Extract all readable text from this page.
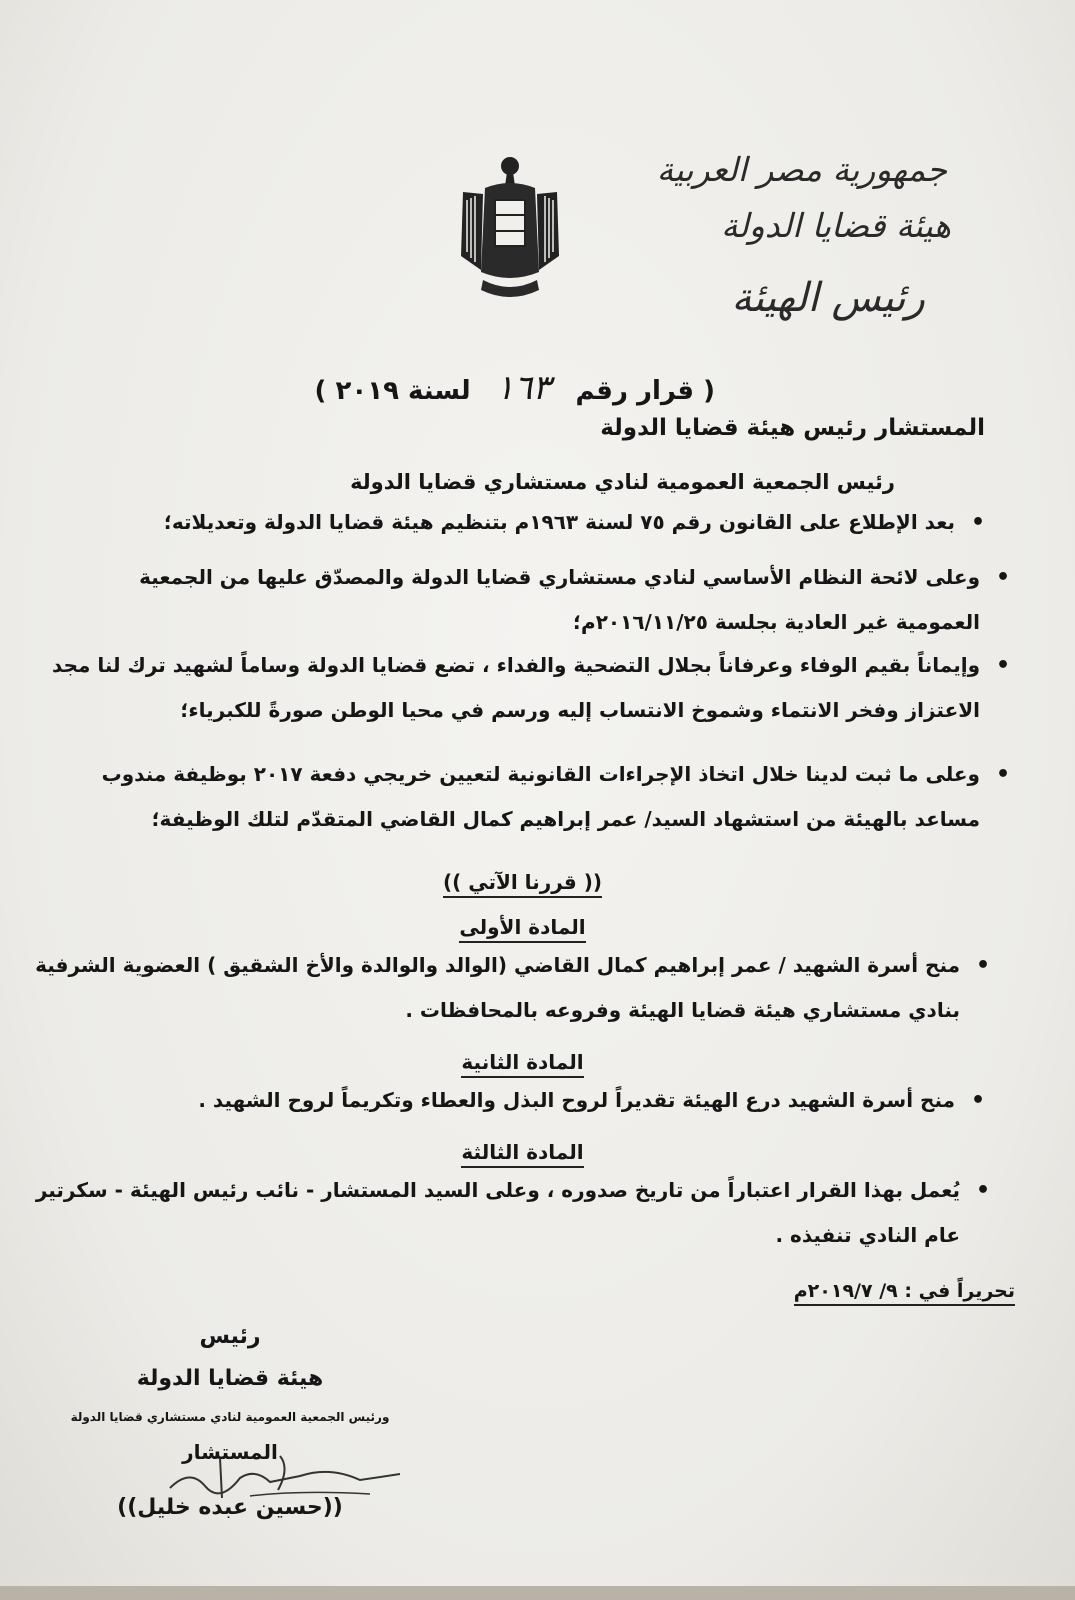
جمهورية مصر العربية
هيئة قضايا الدولة
رئيس الهيئة
( قرار رقم ١٦٣ لسنة ٢٠١٩ )
المستشار رئيس هيئة قضايا الدولة
رئيس الجمعية العمومية لنادي مستشاري قضايا الدولة
• بعد الإطلاع على القانون رقم ٧٥ لسنة ١٩٦٣م بتنظيم هيئة قضايا الدولة وتعديلاته؛
• وعلى لائحة النظام الأساسي لنادي مستشاري قضايا الدولة والمصدّق عليها من الجمعية العمومية غير العادية بجلسة ٢٠١٦/١١/٢٥م؛
• وإيماناً بقيم الوفاء وعرفاناً بجلال التضحية والفداء ، تضع قضايا الدولة وساماً لشهيد ترك لنا مجد الاعتزاز وفخر الانتماء وشموخ الانتساب إليه ورسم في محيا الوطن صورةً للكبرياء؛
• وعلى ما ثبت لدينا خلال اتخاذ الإجراءات القانونية لتعيين خريجي دفعة ٢٠١٧ بوظيفة مندوب مساعد بالهيئة من استشهاد السيد/ عمر إبراهيم كمال القاضي المتقدّم لتلك الوظيفة؛
(( قررنا الآتي ))
المادة الأولى
• منح أسرة الشهيد / عمر إبراهيم كمال القاضي (الوالد والوالدة والأخ الشقيق ) العضوية الشرفية بنادي مستشاري هيئة قضايا الهيئة وفروعه بالمحافظات .
المادة الثانية
• منح أسرة الشهيد درع الهيئة تقديراً لروح البذل والعطاء وتكريماً لروح الشهيد .
المادة الثالثة
• يُعمل بهذا القرار اعتباراً من تاريخ صدوره ، وعلى السيد المستشار - نائب رئيس الهيئة - سكرتير عام النادي تنفيذه .
تحريراً في : ٩/ ٢٠١٩/٧م
رئيس
هيئة قضايا الدولة
ورئيس الجمعية العمومية لنادي مستشاري قضايا الدولة
المستشار
((حسين عبده خليل))
